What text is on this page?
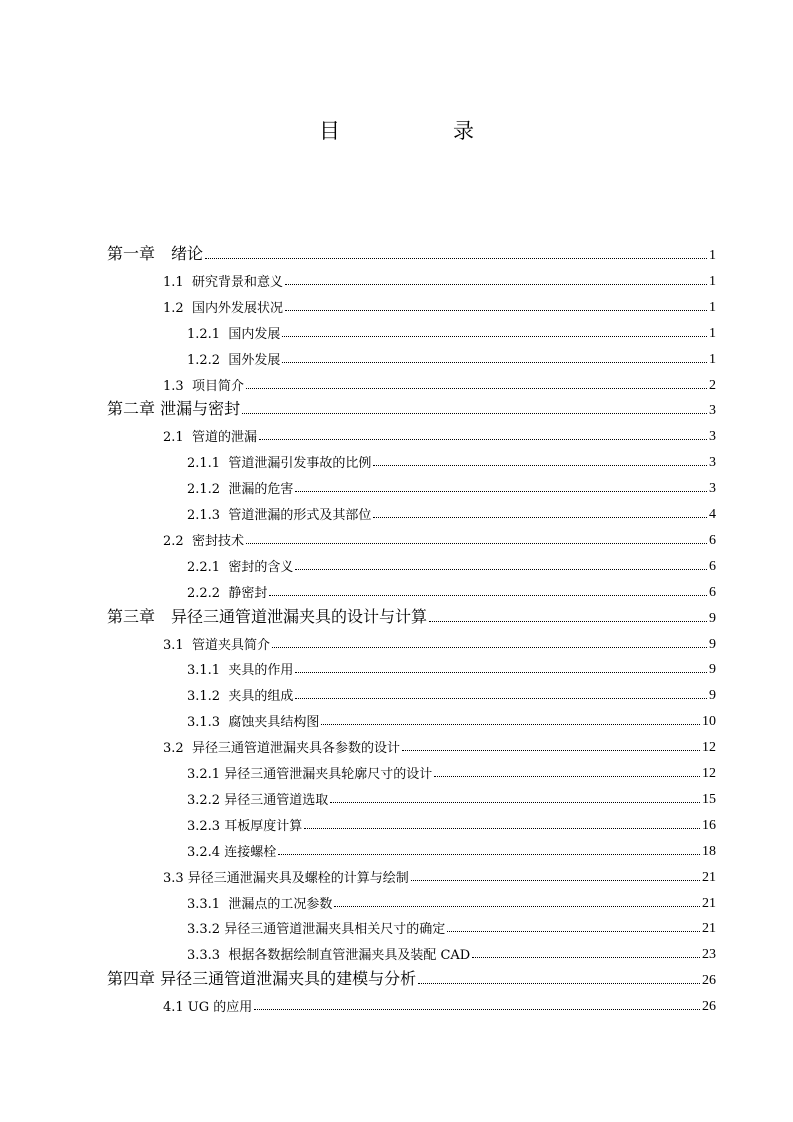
目　录
第一章　绪论	1
1.1  研究背景和意义	1
1.2  国内外发展状况	1
1.2.1  国内发展	1
1.2.2  国外发展	1
1.3  项目简介	2
第二章 泄漏与密封	3
2.1  管道的泄漏	3
2.1.1  管道泄漏引发事故的比例	3
2.1.2  泄漏的危害	3
2.1.3  管道泄漏的形式及其部位	4
2.2  密封技术	6
2.2.1  密封的含义	6
2.2.2  静密封	6
第三章　异径三通管道泄漏夹具的设计与计算	9
3.1  管道夹具简介	9
3.1.1  夹具的作用	9
3.1.2  夹具的组成	9
3.1.3  腐蚀夹具结构图	10
3.2  异径三通管道泄漏夹具各参数的设计	12
3.2.1 异径三通管泄漏夹具轮廓尺寸的设计	12
3.2.2 异径三通管道选取	15
3.2.3 耳板厚度计算	16
3.2.4 连接螺栓	18
3.3 异径三通泄漏夹具及螺栓的计算与绘制	21
3.3.1  泄漏点的工况参数	21
3.3.2 异径三通管道泄漏夹具相关尺寸的确定	21
3.3.3  根据各数据绘制直管泄漏夹具及装配 CAD	23
第四章 异径三通管道泄漏夹具的建模与分析	26
4.1 UG 的应用	26
